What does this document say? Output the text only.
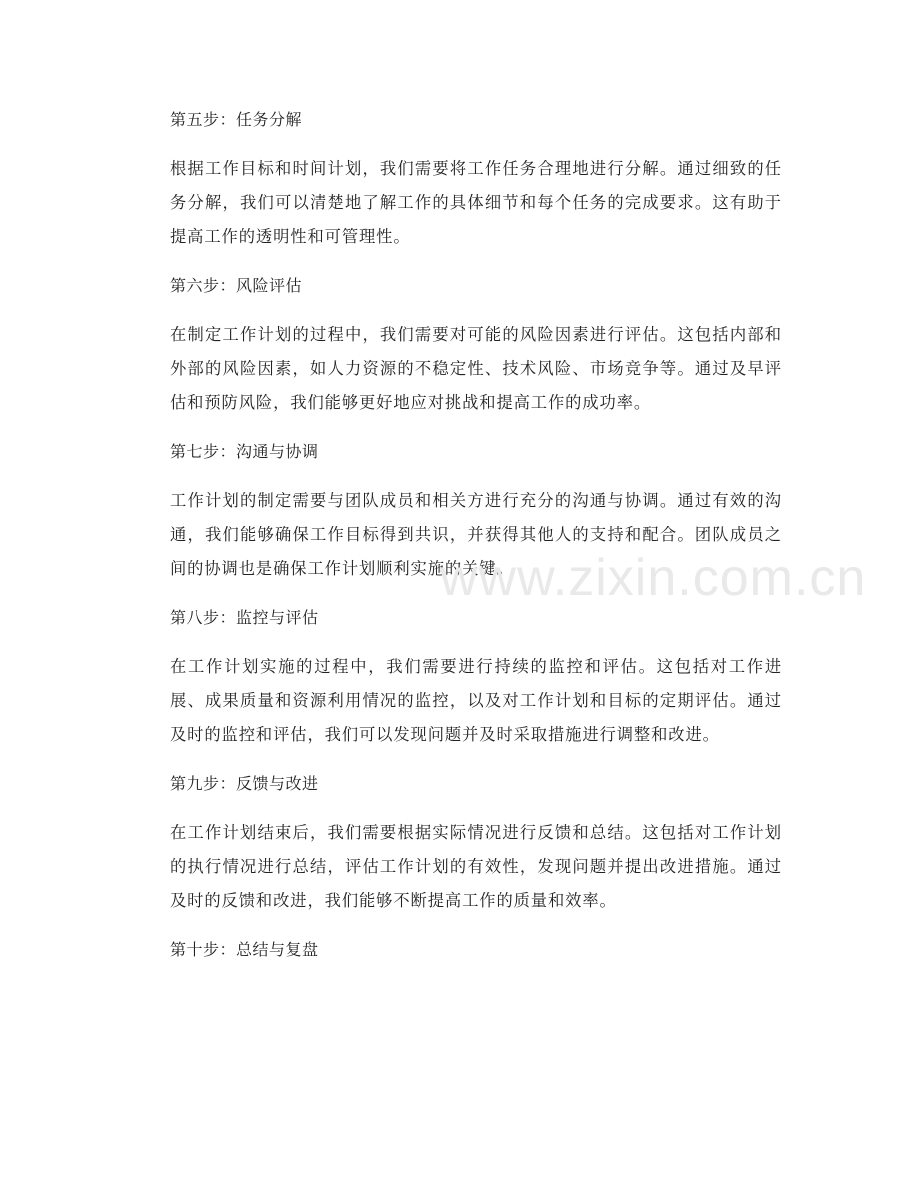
第五步：任务分解
根据工作目标和时间计划，我们需要将工作任务合理地进行分解。通过细致的任务分解，我们可以清楚地了解工作的具体细节和每个任务的完成要求。这有助于提高工作的透明性和可管理性。
第六步：风险评估
在制定工作计划的过程中，我们需要对可能的风险因素进行评估。这包括内部和外部的风险因素，如人力资源的不稳定性、技术风险、市场竞争等。通过及早评估和预防风险，我们能够更好地应对挑战和提高工作的成功率。
第七步：沟通与协调
工作计划的制定需要与团队成员和相关方进行充分的沟通与协调。通过有效的沟通，我们能够确保工作目标得到共识，并获得其他人的支持和配合。团队成员之间的协调也是确保工作计划顺利实施的关键。
第八步：监控与评估
在工作计划实施的过程中，我们需要进行持续的监控和评估。这包括对工作进展、成果质量和资源利用情况的监控，以及对工作计划和目标的定期评估。通过及时的监控和评估，我们可以发现问题并及时采取措施进行调整和改进。
第九步：反馈与改进
在工作计划结束后，我们需要根据实际情况进行反馈和总结。这包括对工作计划的执行情况进行总结，评估工作计划的有效性，发现问题并提出改进措施。通过及时的反馈和改进，我们能够不断提高工作的质量和效率。
第十步：总结与复盘
www.zixin.com.cn
